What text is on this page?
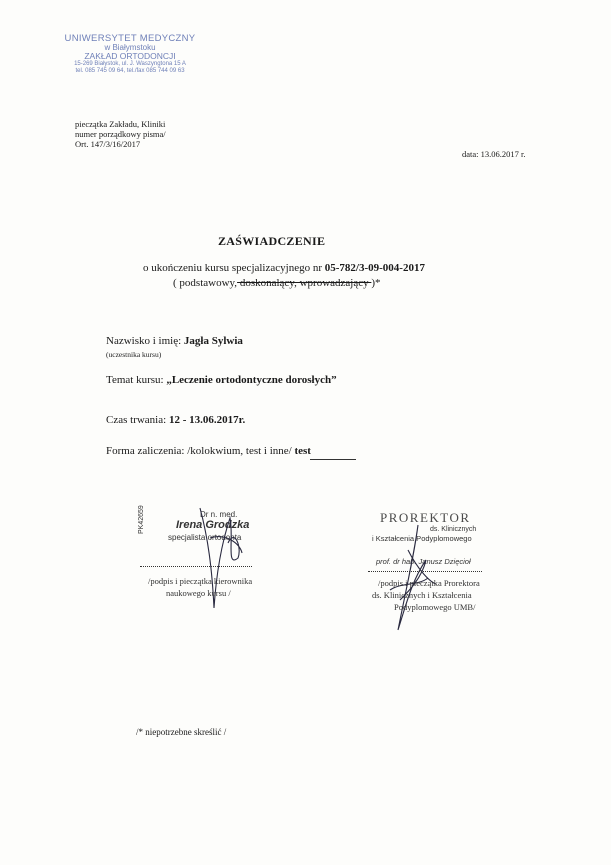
UNIWERSYTET MEDYCZNY
w Białymstoku
ZAKŁAD ORTODONCJI
15-269 Białystok, ul. J. Waszyngtona 15 A
tel. 085 745 09 64, tel./fax 085 744 09 63
pieczątka Zakładu, Kliniki
numer porządkowy pisma/
Ort. 147/3/16/2017
data: 13.06.2017 r.
ZAŚWIADCZENIE
o ukończeniu kursu specjalizacyjnego nr 05-782/3-09-004-2017
( podstawowy, doskonalący, wprowadzający )*
Nazwisko i imię: Jagła Sylwia
(uczestnika kursu)
Temat kursu: „Leczenie ortodontyczne dorosłych”
Czas trwania: 12 - 13.06.2017r.
Forma zaliczenia: /kolokwium, test i inne/ test
PK42659	Dr n. med.
Irena Grodzka
specjalista ortodonta
/podpis i pieczątka kierownika
naukowego kursu /
PROREKTOR
ds. Klinicznych
i Kształcenia Podyplomowego
prof. dr hab. Janusz Dzięcioł
/podpis i pieczątka Prorektora
ds. Klinicznych i Kształcenia
Podyplomowego UMB/
/* niepotrzebne skreślić /
